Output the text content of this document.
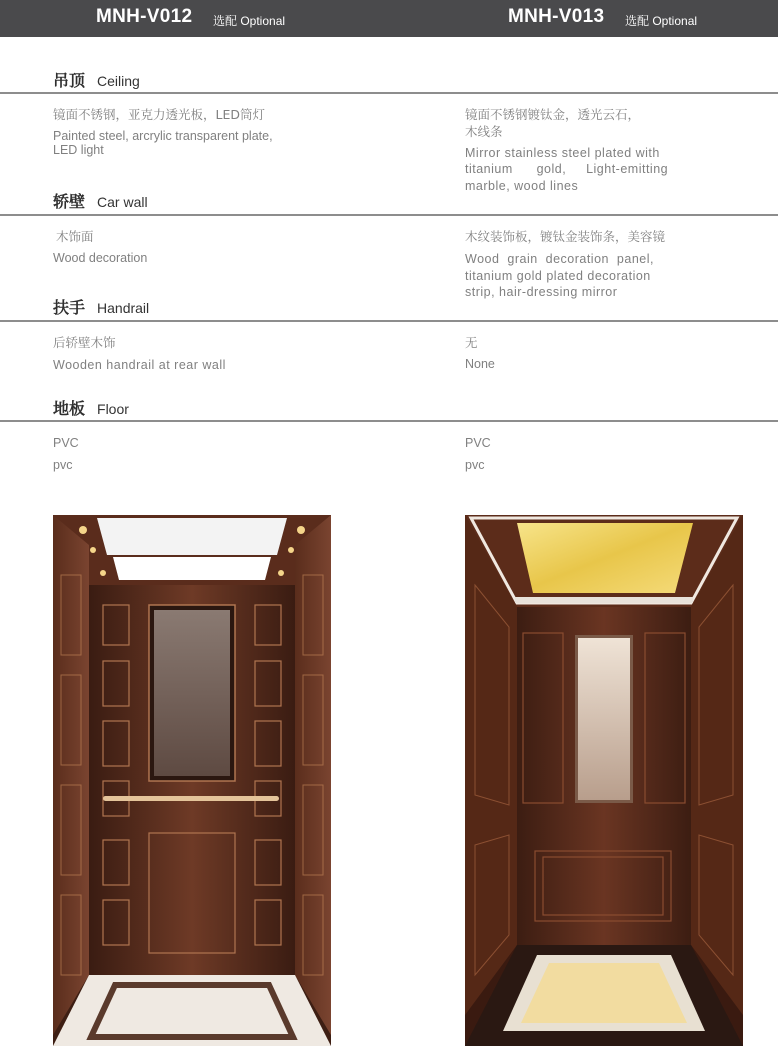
MNH-V012 选配 Optional	MNH-V013 选配 Optional
吊顶 Ceiling
镜面不锈钢，亚克力透光板，LED筒灯
Painted steel, arcrylic transparent plate,
LED light
镜面不锈钢镀钛金，透光云石，
木线条
Mirror stainless steel plated with
titanium      gold,     Light-emitting
marble, wood lines
轿壁 Car wall
木饰面
Wood decoration
木纹装饰板，镀钛金装饰条，美容镜
Wood  grain  decoration  panel,
titanium gold plated decoration
strip, hair-dressing mirror
扶手 Handrail
后轿壁木饰
Wooden handrail at rear wall
无
None
地板 Floor
PVC
pvc
PVC
pvc
